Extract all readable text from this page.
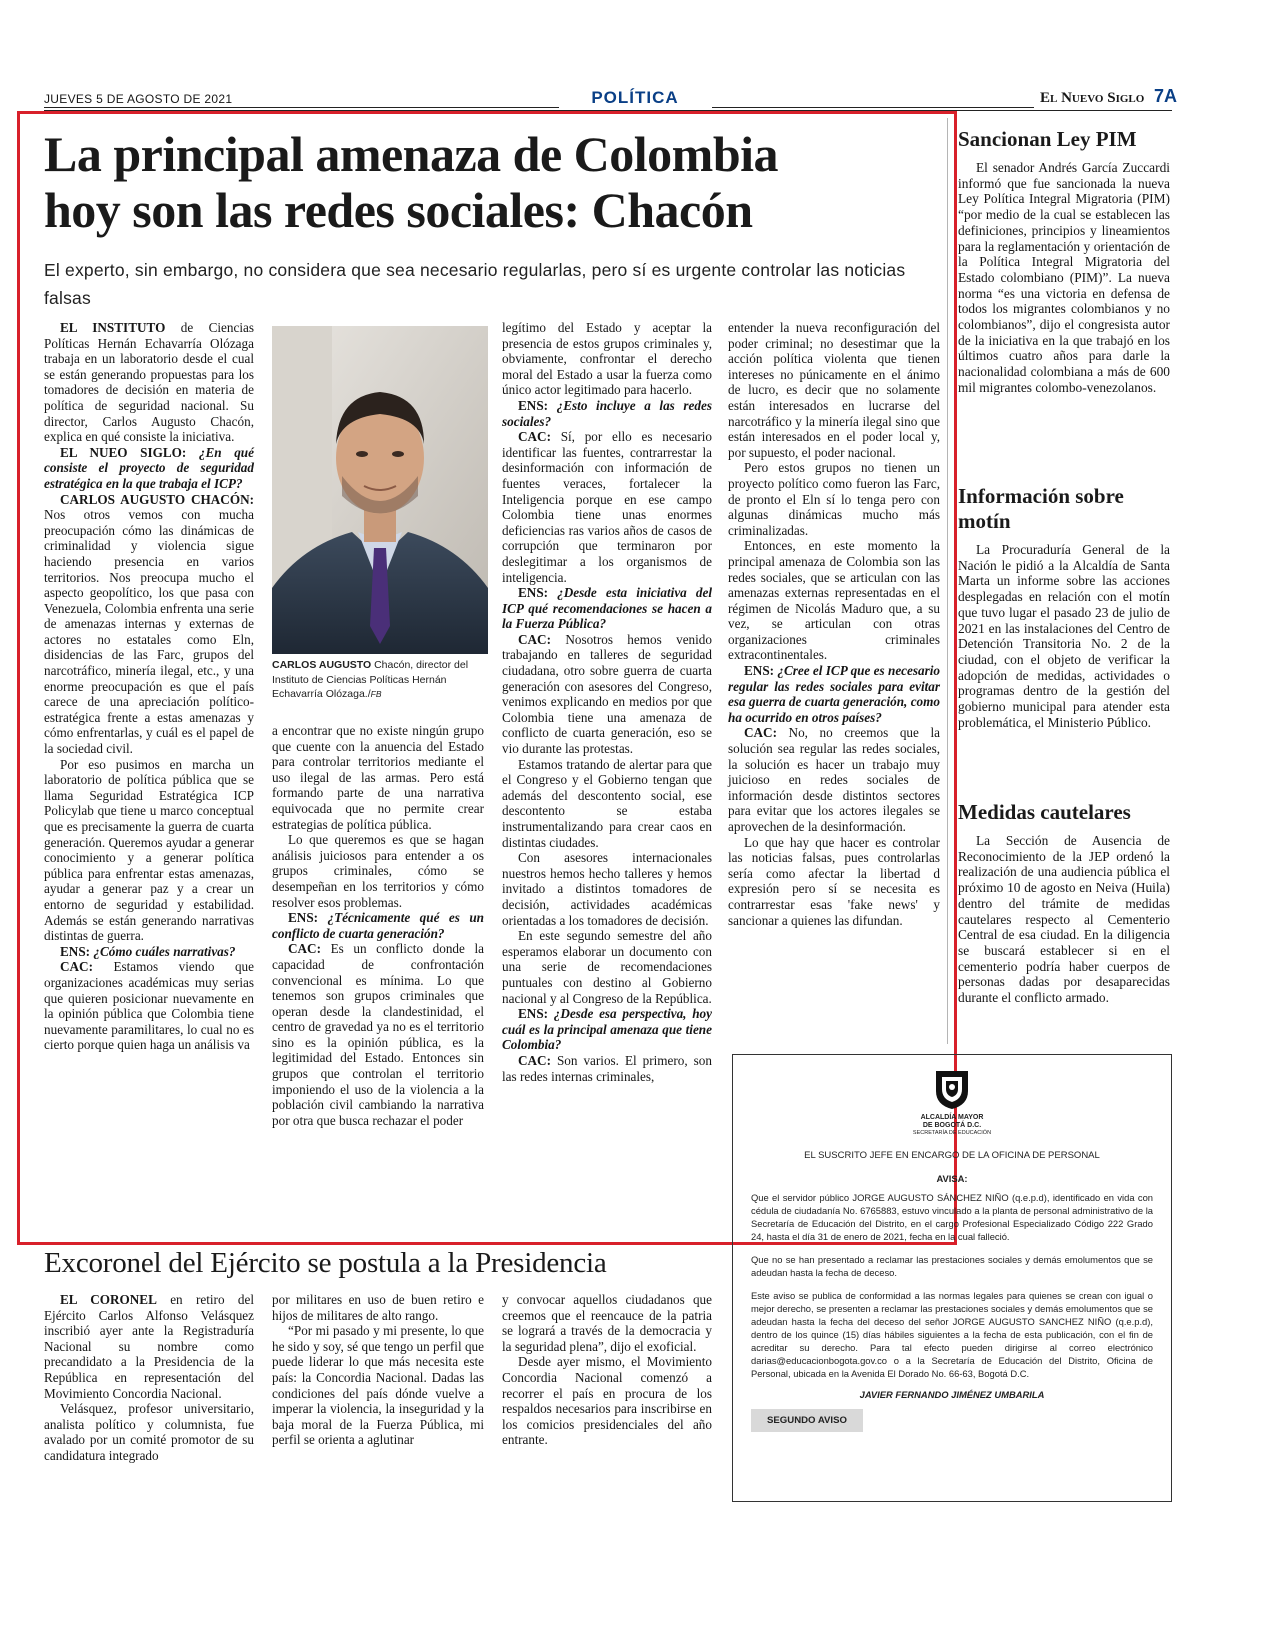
JUEVES 5 DE AGOSTO DE 2021	POLÍTICA	El Nuevo Siglo 7A
La principal amenaza de Colombia
hoy son las redes sociales: Chacón
El experto, sin embargo, no considera que sea necesario regularlas, pero sí es urgente controlar las noticias falsas

EL INSTITUTO de Ciencias Políticas Hernán Echavarría Olózaga trabaja en un laboratorio desde el cual se están generando propuestas para los tomadores de decisión en materia de política de seguridad nacional. Su director, Carlos Augusto Chacón, explica en qué consiste la iniciativa.

EL NUEO SIGLO: ¿En qué consiste el proyecto de seguridad estratégica en la que trabaja el ICP?

CARLOS AUGUSTO CHACÓN: Nos otros vemos con mucha preocupación cómo las dinámicas de criminalidad y violencia sigue haciendo presencia en varios territorios. Nos preocupa mucho el aspecto geopolítico, los que pasa con Venezuela, Colombia enfrenta una serie de amenazas internas y externas de actores no estatales como Eln, disidencias de las Farc, grupos del narcotráfico, minería ilegal, etc., y una enorme preocupación es que el país carece de una apreciación político-estratégica frente a estas amenazas y cómo enfrentarlas, y cuál es el papel de la sociedad civil.

Por eso pusimos en marcha un laboratorio de política pública que se llama Seguridad Estratégica ICP Policylab que tiene u marco conceptual que es precisamente la guerra de cuarta generación. Queremos ayudar a generar conocimiento y a generar política pública para enfrentar estas amenazas, ayudar a generar paz y a crear un entorno de seguridad y estabilidad. Además se están generando narrativas distintas de guerra.

ENS: ¿Cómo cuáles narrativas?

CAC: Estamos viendo que organizaciones académicas muy serias que quieren posicionar nuevamente en la opinión pública que Colombia tiene nuevamente paramilitares, lo cual no es cierto porque quien haga un análisis va

CARLOS AUGUSTO Chacón, director del Instituto de Ciencias Políticas Hernán Echavarría Olózaga./FB

a encontrar que no existe ningún grupo que cuente con la anuencia del Estado para controlar territorios mediante el uso ilegal de las armas. Pero está formando parte de una narrativa equivocada que no permite crear estrategias de política pública.

Lo que queremos es que se hagan análisis juiciosos para entender a os grupos criminales, cómo se desempeñan en los territorios y cómo resolver esos problemas.

ENS: ¿Técnicamente qué es un conflicto de cuarta generación?

CAC: Es un conflicto donde la capacidad de confrontación convencional es mínima. Lo que tenemos son grupos criminales que operan desde la clandestinidad, el centro de gravedad ya no es el territorio sino es la opinión pública, es la legitimidad del Estado. Entonces sin grupos que controlan el territorio imponiendo el uso de la violencia a la población civil cambiando la narrativa por otra que busca rechazar el poder

legítimo del Estado y aceptar la presencia de estos grupos criminales y, obviamente, confrontar el derecho moral del Estado a usar la fuerza como único actor legitimado para hacerlo.

ENS: ¿Esto incluye a las redes sociales?

CAC: Sí, por ello es necesario identificar las fuentes, contrarrestar la desinformación con información de fuentes veraces, fortalecer la Inteligencia porque en ese campo Colombia tiene unas enormes deficiencias ras varios años de casos de corrupción que terminaron por deslegitimar a los organismos de inteligencia.

ENS: ¿Desde esta iniciativa del ICP qué recomendaciones se hacen a la Fuerza Pública?

CAC: Nosotros hemos venido trabajando en talleres de seguridad ciudadana, otro sobre guerra de cuarta generación con asesores del Congreso, venimos explicando en medios por que Colombia tiene una amenaza de conflicto de cuarta generación, eso se vio durante las protestas.

Estamos tratando de alertar para que el Congreso y el Gobierno tengan que además del descontento social, ese descontento se estaba instrumentalizando para crear caos en distintas ciudades.

Con asesores internacionales nuestros hemos hecho talleres y hemos invitado a distintos tomadores de decisión, actividades académicas orientadas a los tomadores de decisión.

En este segundo semestre del año esperamos elaborar un documento con una serie de recomendaciones puntuales con destino al Gobierno nacional y al Congreso de la República.

ENS: ¿Desde esa perspectiva, hoy cuál es la principal amenaza que tiene Colombia?

CAC: Son varios. El primero, son las redes internas criminales,

entender la nueva reconfiguración del poder criminal; no desestimar que la acción política violenta que tienen intereses no púnicamente en el ánimo de lucro, es decir que no solamente están interesados en lucrarse del narcotráfico y la minería ilegal sino que están interesados en el poder local y, por supuesto, el poder nacional.

Pero estos grupos no tienen un proyecto político como fueron las Farc, de pronto el Eln sí lo tenga pero con algunas dinámicas mucho más criminalizadas.

Entonces, en este momento la principal amenaza de Colombia son las redes sociales, que se articulan con las amenazas externas representadas en el régimen de Nicolás Maduro que, a su vez, se articulan con otras organizaciones criminales extracontinentales.

ENS: ¿Cree el ICP que es necesario regular las redes sociales para evitar esa guerra de cuarta generación, como ha ocurrido en otros países?

CAC: No, no creemos que la solución sea regular las redes sociales, la solución es hacer un trabajo muy juicioso en redes sociales de información desde distintos sectores para evitar que los actores ilegales se aprovechen de la desinformación.

Lo que hay que hacer es controlar las noticias falsas, pues controlarlas sería como afectar la libertad d expresión pero sí se necesita es contrarrestar esas 'fake news' y sancionar a quienes las difundan.

Sancionan Ley PIM

El senador Andrés García Zuccardi informó que fue sancionada la nueva Ley Política Integral Migratoria (PIM) “por medio de la cual se establecen las definiciones, principios y lineamientos para la reglamentación y orientación de la Política Integral Migratoria del Estado colombiano (PIM)”. La nueva norma “es una victoria en defensa de todos los migrantes colombianos y no colombianos”, dijo el congresista autor de la iniciativa en la que trabajó en los últimos cuatro años para darle la nacionalidad colombiana a más de 600 mil migrantes colombo-venezolanos.

Información sobre motín

La Procuraduría General de la Nación le pidió a la Alcaldía de Santa Marta un informe sobre las acciones desplegadas en relación con el motín que tuvo lugar el pasado 23 de julio de 2021 en las instalaciones del Centro de Detención Transitoria No. 2 de la ciudad, con el objeto de verificar la adopción de medidas, actividades o programas dentro de la gestión del gobierno municipal para atender esta problemática, el Ministerio Público.

Medidas cautelares

La Sección de Ausencia de Reconocimiento de la JEP ordenó la realización de una audiencia pública el próximo 10 de agosto en Neiva (Huila) dentro del trámite de medidas cautelares respecto al Cementerio Central de esa ciudad. En la diligencia se buscará establecer si en el cementerio podría haber cuerpos de personas dadas por desaparecidas durante el conflicto armado.

Excoronel del Ejército se postula a la Presidencia

EL CORONEL en retiro del Ejército Carlos Alfonso Velásquez inscribió ayer ante la Registraduría Nacional su nombre como precandidato a la Presidencia de la República en representación del Movimiento Concordia Nacional.

Velásquez, profesor universitario, analista político y columnista, fue avalado por un comité promotor de su candidatura integrado

por militares en uso de buen retiro e hijos de militares de alto rango.

“Por mi pasado y mi presente, lo que he sido y soy, sé que tengo un perfil que puede liderar lo que más necesita este país: la Concordia Nacional. Dadas las condiciones del país dónde vuelve a imperar la violencia, la inseguridad y la baja moral de la Fuerza Pública, mi perfil se orienta a aglutinar

y convocar aquellos ciudadanos que creemos que el reencauce de la patria se logrará a través de la democracia y la seguridad plena”, dijo el exoficial.

Desde ayer mismo, el Movimiento Concordia Nacional comenzó a recorrer el país en procura de los respaldos necesarios para inscribirse en los comicios presidenciales del año entrante.

ALCALDÍA MAYOR
DE BOGOTÁ D.C.
SECRETARÍA DE EDUCACIÓN
EL SUSCRITO JEFE EN ENCARGO DE LA OFICINA DE PERSONAL
AVISA:

Que el servidor público JORGE AUGUSTO SÁNCHEZ NIÑO (q.e.p.d), identificado en vida con cédula de ciudadanía No. 6765883, estuvo vinculado a la planta de personal administrativo de la Secretaría de Educación del Distrito, en el cargo Profesional Especializado Código 222 Grado 24, hasta el día 31 de enero de 2021, fecha en la cual falleció.

Que no se han presentado a reclamar las prestaciones sociales y demás emolumentos que se adeudan hasta la fecha de deceso.

Este aviso se publica de conformidad a las normas legales para quienes se crean con igual o mejor derecho, se presenten a reclamar las prestaciones sociales y demás emolumentos que se adeudan hasta la fecha del deceso del señor JORGE AUGUSTO SANCHEZ NIÑO (q.e.p.d), dentro de los quince (15) días hábiles siguientes a la fecha de esta publicación, con el fin de acreditar su derecho. Para tal efecto pueden dirigirse al correo electrónico darias@educacionbogota.gov.co o a la Secretaría de Educación del Distrito, Oficina de Personal, ubicada en la Avenida El Dorado No. 66-63, Bogotá D.C.

JAVIER FERNANDO JIMÉNEZ UMBARILA
SEGUNDO AVISO
